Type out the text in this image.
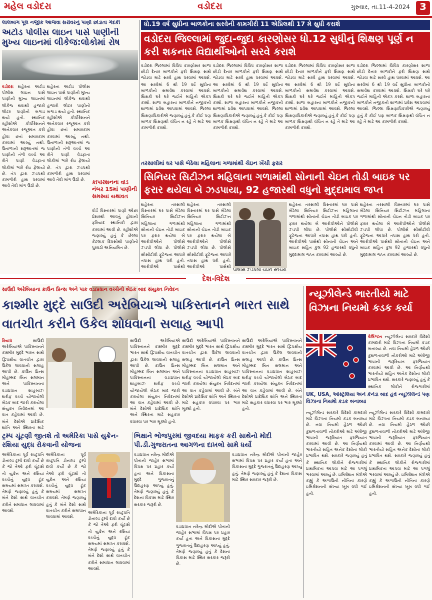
મહેલ વડોદરા	વડોદરા	ગુરુવાર, તા.11-4-2024 3
લાલબાગ પૂલ નજીક આજવા સરોવરનું પાણી છોડાતા ગંદકી
અટોડ પોલીસ લાઇન પાસે પાણીની મુખ્ય લાઇનમાં લીકેજ:લોકોમાં રોષ
વડોદરા શહેરના અટોડ પોલીસ લાઇન પાસે પાણીની મુખ્ય લાઇનમાં લીકેજ થવાથી હજારો લીટર પાણીનો બગાડ થયો હતો. સ્થાનિક રહીશોએ કોર્પોરેશનને અનેકવાર રજૂઆત કરી હોવા છતાં સમારકામ કરવામાં આવ્યું નથી. ઉનાળાની શરૂઆતમાં જ પાણીની તંગી વચ્ચે આ રીતે પાણી વેડફાતા લોકોમાં ભારે રોષ ફેલાયો છે. તંત્ર દ્વારા ઝડપથી કામગીરી હાથ ધરવામાં આવે તેવી માંગ ઉઠી છે.
શહેરના અટોડ પોલીસ લાઇન પાસે પાણીની મુખ્ય લાઇનમાં લીકેજ થવાથી હજારો લીટર પાણીનો બગાડ થયો હતો. સ્થાનિક રહીશોએ કોર્પોરેશનને અનેકવાર રજૂઆત કરી હોવા છતાં સમારકામ કરવામાં આવ્યું નથી. ઉનાળાની શરૂઆતમાં જ પાણીની તંગી વચ્ચે આ રીતે પાણી વેડફાતા લોકોમાં ભારે રોષ ફેલાયો છે. તંત્ર દ્વારા ઝડપથી કામગીરી હાથ ધરવામાં આવે તેવી માંગ ઉઠી છે.
કોર્પોરેશનના વોર્ડ નંબર 15માં પાણીની સમસ્યા યથાવત
વોર્ડ વિસ્તારમાં પાણી ઓછા પ્રેશરથી આવતું હોવાની ફરિયાદ સ્થાનિકો દ્વારા કરવામાં આવી છે. રહીશોએ જણાવ્યું હતું કે છેલ્લા કેટલાક દિવસોથી પાણીનો પુરવઠો અનિયમિત છે.
ધો.19 વર્ષ સુધીના બાળકોના સરવેની કામગીરી 11 એપ્રિલથી 17 મે સુધી કરાશે
વડોદરા જિલ્લામાં જુદા-જુદા કારણોસર ધો.12 સુધીનું શિક્ષણ પૂર્ણ ન કરી શકનાર વિદ્યાર્થીઓનો સરવે કરાશે
વડોદરા જિલ્લામાં વિવિધ કારણોસર શાળા છોડી દેનાર બાળકોને ફરી શિક્ષણ સાથે જોડવા માટે સરવે હાથ ધરવામાં આવશે. આ સરવેમાં 6 થી 19 વર્ષ સુધીના બાળકોનો સમાવેશ કરવામાં આવશે. શિક્ષકો ઘરે ઘરે જઈને માહિતી એકત્ર કરશે. શાળા બહારના બાળકોને નજીકની શાળામાં પ્રવેશ આપવામાં આવશે. જિલ્લા શિક્ષણાધિકારીએ જણાવ્યું હતું કે કોઈ પણ બાળક શિક્ષણથી વંચિત ન રહે તે માટે આ કામગીરી કરાશે.
વડોદરા જિલ્લામાં વિવિધ કારણોસર શાળા છોડી દેનાર બાળકોને ફરી શિક્ષણ સાથે જોડવા માટે સરવે હાથ ધરવામાં આવશે. આ સરવેમાં 6 થી 19 વર્ષ સુધીના બાળકોનો સમાવેશ કરવામાં આવશે. શિક્ષકો ઘરે ઘરે જઈને માહિતી એકત્ર કરશે. શાળા બહારના બાળકોને નજીકની શાળામાં પ્રવેશ આપવામાં આવશે. જિલ્લા શિક્ષણાધિકારીએ જણાવ્યું હતું કે કોઈ પણ બાળક શિક્ષણથી વંચિત ન રહે તે માટે આ કામગીરી કરાશે.
વડોદરા જિલ્લામાં વિવિધ કારણોસર શાળા છોડી દેનાર બાળકોને ફરી શિક્ષણ સાથે જોડવા માટે સરવે હાથ ધરવામાં આવશે. આ સરવેમાં 6 થી 19 વર્ષ સુધીના બાળકોનો સમાવેશ કરવામાં આવશે. શિક્ષકો ઘરે ઘરે જઈને માહિતી એકત્ર કરશે. શાળા બહારના બાળકોને નજીકની શાળામાં પ્રવેશ આપવામાં આવશે. જિલ્લા શિક્ષણાધિકારીએ જણાવ્યું હતું કે કોઈ પણ બાળક શિક્ષણથી વંચિત ન રહે તે માટે આ કામગીરી કરાશે.
વડોદરા જિલ્લામાં વિવિધ કારણોસર શાળા છોડી દેનાર બાળકોને ફરી શિક્ષણ સાથે જોડવા માટે સરવે હાથ ધરવામાં આવશે. આ સરવેમાં 6 થી 19 વર્ષ સુધીના બાળકોનો સમાવેશ કરવામાં આવશે. શિક્ષકો ઘરે ઘરે જઈને માહિતી એકત્ર કરશે. શાળા બહારના બાળકોને નજીકની શાળામાં પ્રવેશ આપવામાં આવશે. જિલ્લા શિક્ષણાધિકારીએ જણાવ્યું હતું કે કોઈ પણ બાળક શિક્ષણથી વંચિત ન રહે તે માટે આ કામગીરી કરાશે.
તરસાલીમાં ઘર પાસે બેઠેલા મહિલાના ગળામાંથી ચેઇન ખેંચી ફરાર
સિનિયર સિટીઝન મહિલાના ગળામાંથી સોનાની ચેઇન તોડી બાઇક પર ફરાર થયેલા બે ઝડપાયા, 92 હજારથી વધુનો મુદ્દામાલ જપ્ત
શહેરના તરસાલી વિસ્તારમાં ઘર પાસે બેઠેલા સિનિયર સિટીઝન મહિલાના ગળામાંથી સોનાની ચેઇન તોડી બાઇક પર ફરાર થયેલા બે આરોપીઓને પોલીસે ઝડપી લીધા છે. પોલીસે સીસીટીવી ફૂટેજના આધારે તપાસ હાથ ધરી હતી. આરોપીઓ પાસેથી
શહેરના તરસાલી વિસ્તારમાં ઘર પાસે બેઠેલા સિનિયર સિટીઝન મહિલાના ગળામાંથી સોનાની ચેઇન તોડી બાઇક પર ફરાર થયેલા બે આરોપીઓને પોલીસે ઝડપી લીધા છે. પોલીસે સીસીટીવી ફૂટેજના આધારે તપાસ હાથ ધરી હતી. આરોપીઓ પાસેથી
પોલીસે ઝડપેલા ચેઇન સ્નેચરો
શહેરના તરસાલી વિસ્તારમાં ઘર પાસે બેઠેલા સિનિયર સિટીઝન મહિલાના ગળામાંથી સોનાની ચેઇન તોડી બાઇક પર ફરાર થયેલા બે આરોપીઓને પોલીસે ઝડપી લીધા છે. પોલીસે સીસીટીવી ફૂટેજના આધારે તપાસ હાથ ધરી હતી. આરોપીઓ પાસેથી સોનાની ચેઇન અને બાઇક સહિત કુલ 92 હજારથી વધુનો મુદ્દામાલ જપ્ત કરવામાં આવ્યો છે.
શહેરના તરસાલી વિસ્તારમાં ઘર પાસે બેઠેલા સિનિયર સિટીઝન મહિલાના ગળામાંથી સોનાની ચેઇન તોડી બાઇક પર ફરાર થયેલા બે આરોપીઓને પોલીસે ઝડપી લીધા છે. પોલીસે સીસીટીવી ફૂટેજના આધારે તપાસ હાથ ધરી હતી. આરોપીઓ પાસેથી સોનાની ચેઇન અને બાઇક સહિત કુલ 92 હજારથી વધુનો મુદ્દામાલ જપ્ત કરવામાં આવ્યો છે.
દેશ-વિદેશ
સાઉદી અરેબિયાના ક્રાઉન પ્રિન્સ અને પાક વડાપ્રધાન વચ્ચેની બેઠક બાદ સંયુક્ત નિવેદન
કાશ્મીર મુદ્દે સાઉદી અરેબિયાએ પાકિસ્તાનને ભારત સાથે વાતચીત કરીને ઉકેલ શોધવાની સલાહ આપી
રિયાધ	સાઉદી અરેબિયાએ પાકિસ્તાનને કાશ્મીર મુદ્દે ભારત સાથે દ્વિપક્ષીય વાતચીત દ્વારા ઉકેલ લાવવાની સલાહ આપી છે. ક્રાઉન પ્રિન્સ મોહમ્મદ બિન સલમાન અને પાકિસ્તાનના વડાપ્રધાન શાહબાઝ શરીફ વચ્ચે યોજાયેલી બેઠક બાદ જારી કરાયેલા સંયુક્ત નિવેદનમાં આ વાત કહેવામાં આવી છે. બંને દેશોએ પ્રાદેશિક શાંતિ અને સ્થિરતા માટે
સાઉદી અરેબિયાએ પાકિસ્તાનને કાશ્મીર મુદ્દે ભારત સાથે દ્વિપક્ષીય વાતચીત દ્વારા ઉકેલ લાવવાની સલાહ આપી છે. ક્રાઉન પ્રિન્સ મોહમ્મદ બિન સલમાન અને પાકિસ્તાનના વડાપ્રધાન શાહબાઝ શરીફ વચ્ચે યોજાયેલી બેઠક બાદ જારી કરાયેલા સંયુક્ત નિવેદનમાં આ વાત કહેવામાં આવી છે. બંને દેશોએ પ્રાદેશિક શાંતિ અને સ્થિરતા માટે સહકાર વધારવા પર ભાર મૂક્યો હતો.
સાઉદી અરેબિયાએ પાકિસ્તાનને કાશ્મીર મુદ્દે ભારત સાથે દ્વિપક્ષીય વાતચીત દ્વારા ઉકેલ લાવવાની સલાહ આપી છે. ક્રાઉન પ્રિન્સ મોહમ્મદ બિન સલમાન અને પાકિસ્તાનના વડાપ્રધાન શાહબાઝ શરીફ વચ્ચે યોજાયેલી બેઠક બાદ જારી કરાયેલા સંયુક્ત નિવેદનમાં આ વાત કહેવામાં આવી છે. બંને દેશોએ પ્રાદેશિક શાંતિ અને સ્થિરતા માટે સહકાર વધારવા પર ભાર મૂક્યો હતો.
સાઉદી અરેબિયાએ પાકિસ્તાનને કાશ્મીર મુદ્દે ભારત સાથે દ્વિપક્ષીય વાતચીત દ્વારા ઉકેલ લાવવાની સલાહ આપી છે. ક્રાઉન પ્રિન્સ મોહમ્મદ બિન સલમાન અને પાકિસ્તાનના વડાપ્રધાન શાહબાઝ શરીફ વચ્ચે યોજાયેલી બેઠક બાદ જારી કરાયેલા સંયુક્ત નિવેદનમાં આ વાત કહેવામાં આવી છે. બંને દેશોએ પ્રાદેશિક શાંતિ અને સ્થિરતા માટે સહકાર વધારવા પર ભાર મૂક્યો હતો.
ટ્રમ્પ ચૂંટણી જીતશે તો અમેરિકા પાસે યુક્રેન-રશિયા યુદ્ધ રોકવાની યોજના
અમેરિકાના પૂર્વ રાષ્ટ્રપતિ ડોનાલ્ડ ટ્રમ્પે દાવો કર્યો છે કે જો તેઓ ફરી ચૂંટાશે તો યુક્રેન અને રશિયા વચ્ચેનું યુદ્ધ ટૂંક સમયમાં સમાપ્ત કરાવશે. તેમણે જણાવ્યું હતું કે બંને દેશો સાથે વાતચીત કરીને સમાધાન લાવવામાં આવશે.
અમેરિકાના પૂર્વ રાષ્ટ્રપતિ ડોનાલ્ડ ટ્રમ્પે દાવો કર્યો છે કે જો તેઓ ફરી ચૂંટાશે તો યુક્રેન અને રશિયા વચ્ચેનું યુદ્ધ ટૂંક સમયમાં સમાપ્ત કરાવશે. તેમણે જણાવ્યું હતું કે બંને દેશો સાથે વાતચીત કરીને સમાધાન લાવવામાં આવશે.
અમેરિકાના પૂર્વ રાષ્ટ્રપતિ ડોનાલ્ડ ટ્રમ્પે દાવો કર્યો છે કે જો તેઓ ફરી ચૂંટાશે તો યુક્રેન અને રશિયા વચ્ચેનું યુદ્ધ ટૂંક સમયમાં સમાપ્ત કરાવશે. તેમણે જણાવ્યું હતું કે બંને દેશો સાથે વાતચીત કરીને સમાધાન લાવવામાં આવશે.
ભિક્ષાને ભોજપુરમાં જીવદયા માફક કરી સાથેનો મોદી પી.ડી.ગુજરાતના આગળના દાખલો સામે ધર્યો
વડાપ્રધાન નરેન્દ્ર મોદીએ પોતાની જાહેર સભામાં વિપક્ષ પર પ્રહાર કર્યા હતા અને વિકાસના મુદ્દે ગુજરાતનું ઉદાહરણ આપ્યું હતું. તેમણે જણાવ્યું હતું કે દેશના વિકાસ માટે સ્થિર સરકાર જરૂરી છે.
વડાપ્રધાન નરેન્દ્ર મોદીએ પોતાની જાહેર સભામાં વિપક્ષ પર પ્રહાર કર્યા હતા અને વિકાસના મુદ્દે ગુજરાતનું ઉદાહરણ આપ્યું હતું. તેમણે જણાવ્યું હતું કે દેશના વિકાસ માટે સ્થિર સરકાર જરૂરી છે.
વડાપ્રધાન નરેન્દ્ર મોદીએ પોતાની જાહેર સભામાં વિપક્ષ પર પ્રહાર કર્યા હતા અને વિકાસના મુદ્દે ગુજરાતનું ઉદાહરણ આપ્યું હતું. તેમણે જણાવ્યું હતું કે દેશના વિકાસ માટે સ્થિર સરકાર જરૂરી છે.
ન્યૂઝીલેન્ડે ભારતીયો માટે વિઝાના નિયમો કડક કર્યા
વેલિંગ્ટન ન્યૂઝીલેન્ડ સરકારે વિદેશી કામદારો માટે વિઝાના નિયમો કડક બનાવ્યા છે. નવા નિયમો હેઠળ ઓછી કુશળતાવાળી નોકરીઓ માટે અંગ્રેજી ભાષાની જરૂરિયાત ફરજિયાત કરવામાં આવી છે. આ નિર્ણયથી ભારતીયો સહિત અનેક દેશોના લોકો પ્રભાવિત થશે. સરકારે જણાવ્યું હતું કે સ્થાનિક લોકોને રોજગારીમાં
UK, USA, ઓસ્ટ્રેલિયા અને કેનેડા બાદ હવે ન્યૂઝીલેન્ડે પણ વિઝાના નિયમો કડક બનાવ્યા
ન્યૂઝીલેન્ડ સરકારે વિદેશી કામદારો માટે વિઝાના નિયમો કડક બનાવ્યા છે. નવા નિયમો હેઠળ ઓછી કુશળતાવાળી નોકરીઓ માટે અંગ્રેજી ભાષાની જરૂરિયાત ફરજિયાત કરવામાં આવી છે. આ નિર્ણયથી ભારતીયો સહિત અનેક દેશોના લોકો પ્રભાવિત થશે. સરકારે જણાવ્યું હતું કે સ્થાનિક લોકોને રોજગારીમાં પ્રાથમિકતા આપવા માટે આ પગલું ભરવામાં આવ્યું છે. ઇમિગ્રેશન મંત્રીએ કહ્યું કે અગાઉની નીતિના કારણે ઇમિગ્રેશનની સંખ્યા ખૂબ વધી ગઈ હતી.
ન્યૂઝીલેન્ડ સરકારે વિદેશી કામદારો માટે વિઝાના નિયમો કડક બનાવ્યા છે. નવા નિયમો હેઠળ ઓછી કુશળતાવાળી નોકરીઓ માટે અંગ્રેજી ભાષાની જરૂરિયાત ફરજિયાત કરવામાં આવી છે. આ નિર્ણયથી ભારતીયો સહિત અનેક દેશોના લોકો પ્રભાવિત થશે. સરકારે જણાવ્યું હતું કે સ્થાનિક લોકોને રોજગારીમાં પ્રાથમિકતા આપવા માટે આ પગલું ભરવામાં આવ્યું છે. ઇમિગ્રેશન મંત્રીએ કહ્યું કે અગાઉની નીતિના કારણે ઇમિગ્રેશનની સંખ્યા ખૂબ વધી ગઈ હતી.
